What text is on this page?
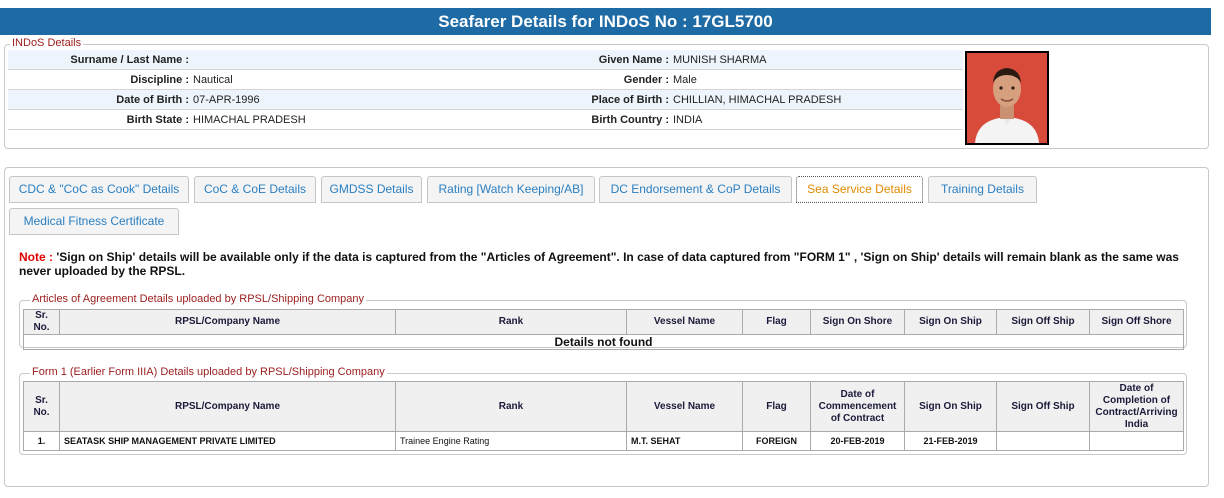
Seafarer Details for INDoS No : 17GL5700
INDoS Details
Surname / Last Name :	Given Name : MUNISH SHARMA
Discipline : Nautical	Gender : Male
Date of Birth : 07-APR-1996	Place of Birth : CHILLIAN, HIMACHAL PRADESH
Birth State : HIMACHAL PRADESH	Birth Country : INDIA
CDC & "CoC as Cook" Details	CoC & CoE Details	GMDSS Details	Rating [Watch Keeping/AB]	DC Endorsement & CoP Details	Sea Service Details	Training Details
Medical Fitness Certificate
Note : 'Sign on Ship' details will be available only if the data is captured from the "Articles of Agreement". In case of data captured from "FORM 1" , 'Sign on Ship' details will remain blank as the same was never uploaded by the RPSL.
Articles of Agreement Details uploaded by RPSL/Shipping Company
Sr. No.	RPSL/Company Name	Rank	Vessel Name	Flag	Sign On Shore	Sign On Ship	Sign Off Ship	Sign Off Shore
Details not found
Form 1 (Earlier Form IIIA) Details uploaded by RPSL/Shipping Company
Sr. No.	RPSL/Company Name	Rank	Vessel Name	Flag	Date of Commencement of Contract	Sign On Ship	Sign Off Ship	Date of Completion of Contract/Arriving India
1.	SEATASK SHIP MANAGEMENT PRIVATE LIMITED	Trainee Engine Rating	M.T. SEHAT	FOREIGN	20-FEB-2019	21-FEB-2019		
